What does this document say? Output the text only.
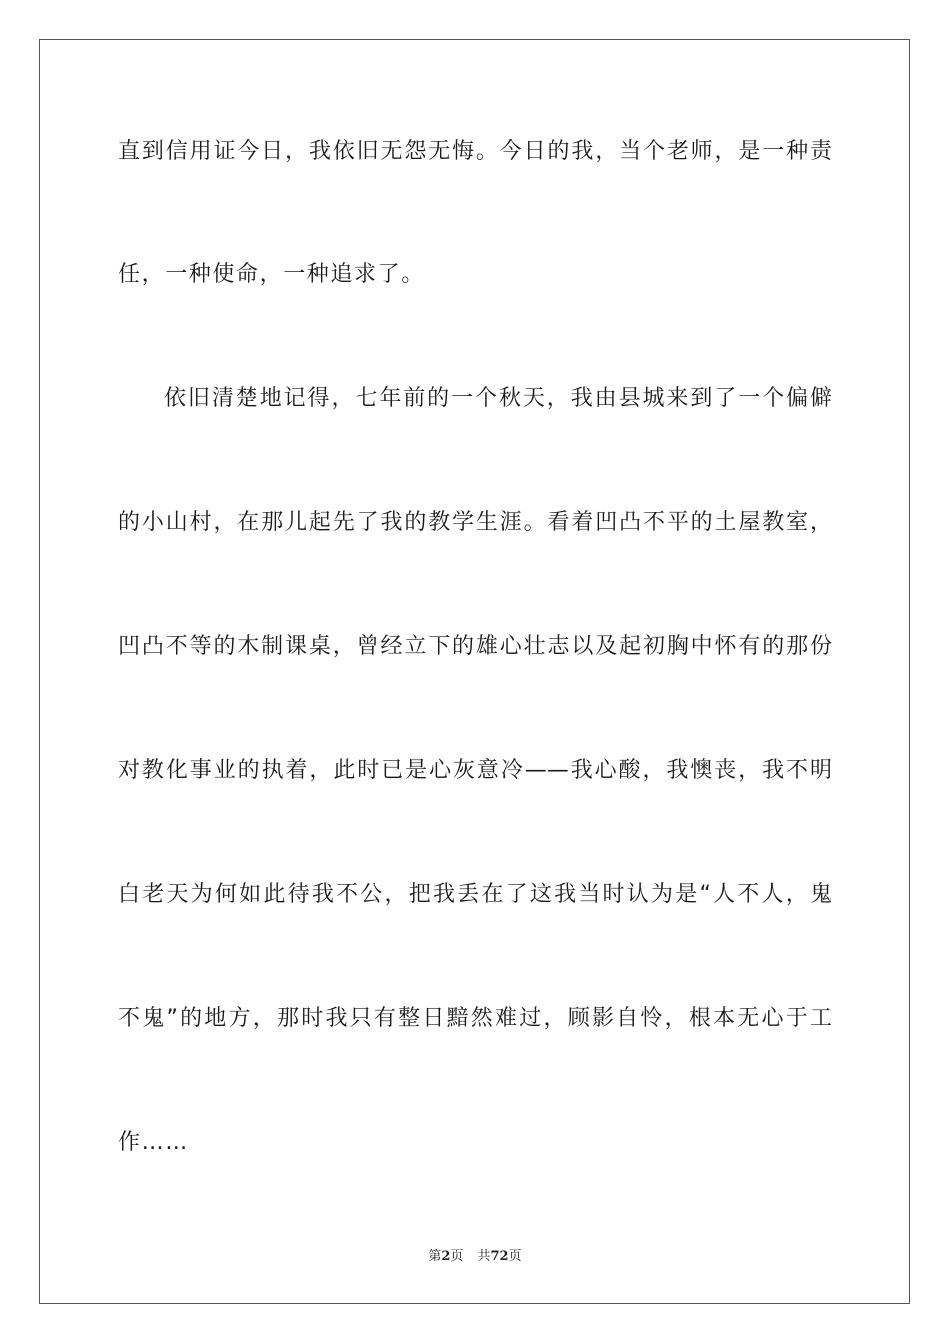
直到信用证今日，我依旧无怨无悔。今日的我，当个老师，是一种责
任，一种使命，一种追求了。
依旧清楚地记得，七年前的一个秋天，我由县城来到了一个偏僻
的小山村，在那儿起先了我的教学生涯。看着凹凸不平的土屋教室，
凹凸不等的木制课桌，曾经立下的雄心壮志以及起初胸中怀有的那份
对教化事业的执着，此时已是心灰意冷——我心酸，我懊丧，我不明
白老天为何如此待我不公，把我丢在了这我当时认为是“人不人，鬼
不鬼”的地方，那时我只有整日黯然难过，顾影自怜，根本无心于工
作……
第2页 共72页
